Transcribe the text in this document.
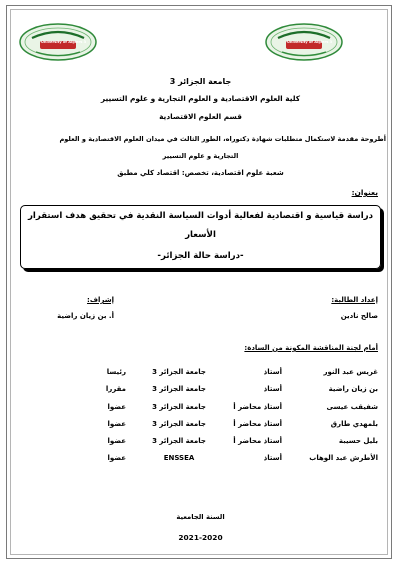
University of Algiers 3	University of Algiers 3
جامعة الجزائر 3
كلية العلوم الاقتصادية و العلوم التجارية و علوم التسيير
قسم العلوم الاقتصادية
أطروحة مقدمة لاستكمال متطلبات شهادة دكتوراه، الطور الثالث في ميدان العلوم الاقتصادية و العلوم
التجارية و علوم التسيير
شعبة علوم اقتصادية، تخصص: اقتصاد كلي مطبق
بعنوان:
دراسة قياسية و اقتصادية لفعالية أدوات السياسة النقدية في تحقيق هدف استقرار
الأسعار
-دراسة حالة الجزائر-
إعداد الطالبة:
صالح نادين
إشراف:
أ. بن زيان راضية
أمام لجنة المناقشة المكونة من السادة:
غريس عبد النور
أستاذ
جامعة الجزائر 3
رئيسا
بن زيان راضية
أستاذ
جامعة الجزائر 3
مقررا
شفيقب عيسى
أستاذ محاضر أ
جامعة الجزائر 3
عضوا
بلمهدي طارق
أستاذ محاضر أ
جامعة الجزائر 3
عضوا
بليل حسيبة
أستاذ محاضر أ
جامعة الجزائر 3
عضوا
الأطرش عبد الوهاب
أستاذ
ENSSEA
عضوا
السنة الجامعية
2021-2020
